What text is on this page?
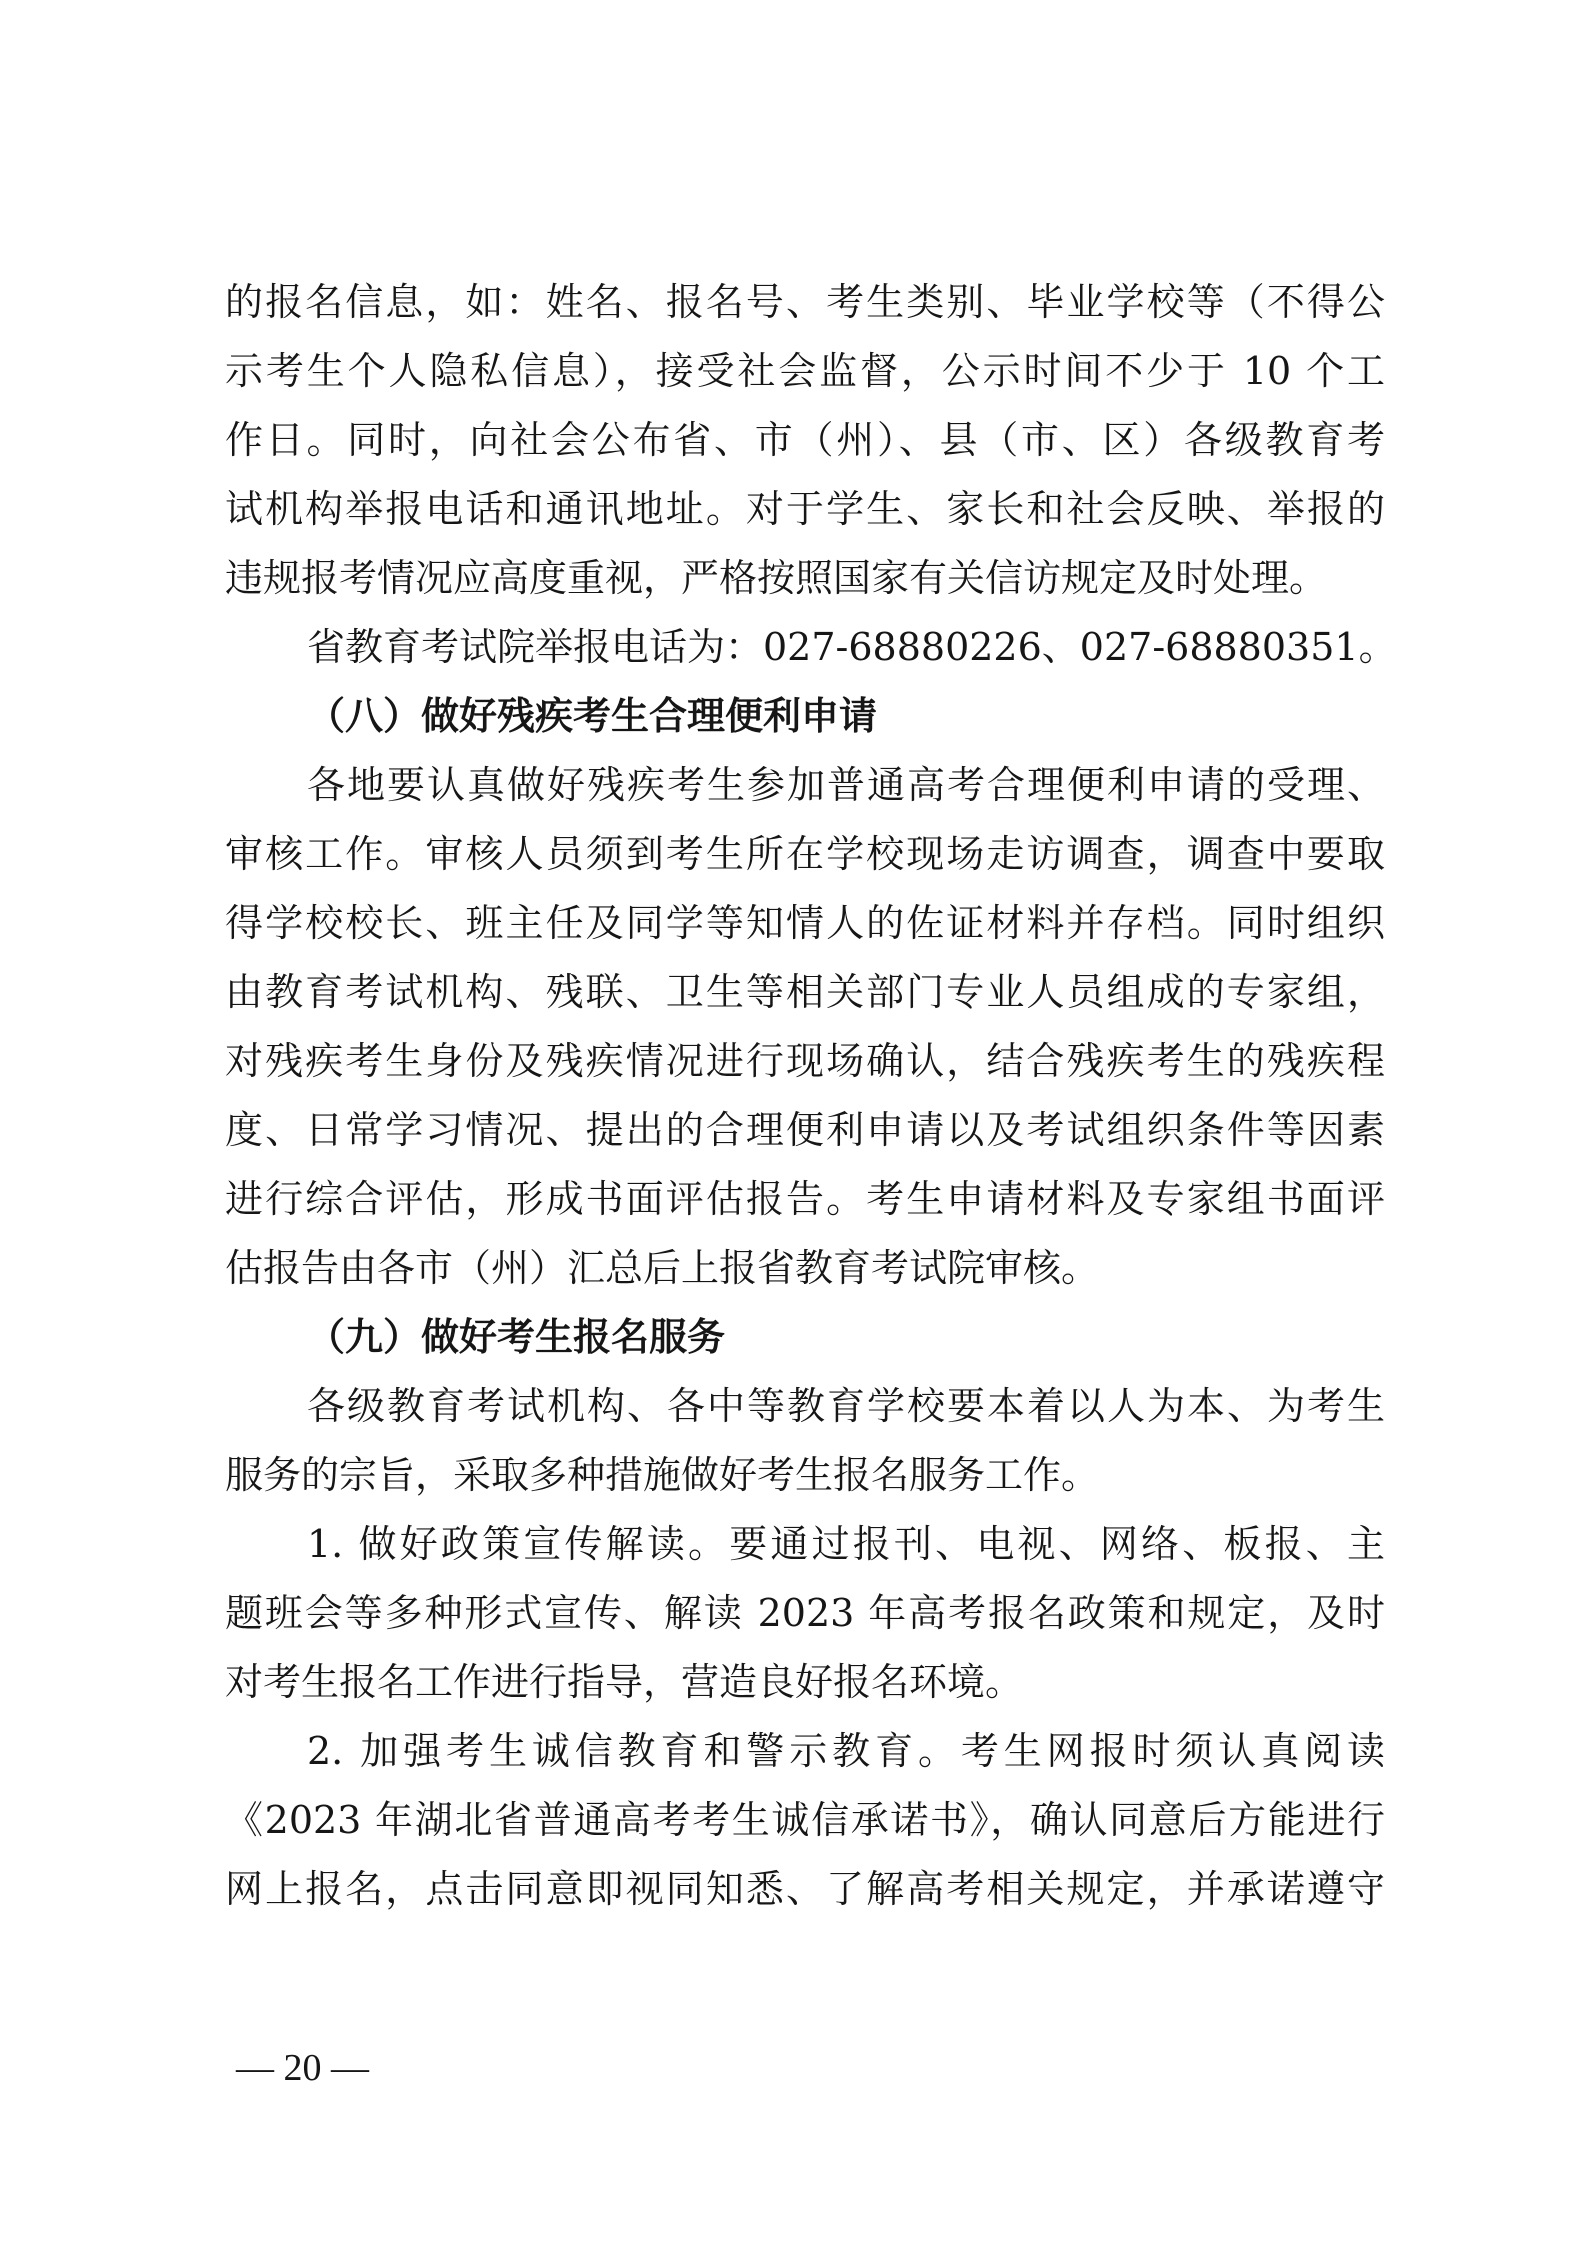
的报名信息，如：姓名、报名号、考生类别、毕业学校等（不得公
示考生个人隐私信息），接受社会监督，公示时间不少于 10 个工
作日。同时，向社会公布省、市（州）、县（市、区）各级教育考
试机构举报电话和通讯地址。对于学生、家长和社会反映、举报的
违规报考情况应高度重视，严格按照国家有关信访规定及时处理。
省教育考试院举报电话为：027-68880226、027-68880351。
（八）做好残疾考生合理便利申请
各地要认真做好残疾考生参加普通高考合理便利申请的受理、
审核工作。审核人员须到考生所在学校现场走访调查，调查中要取
得学校校长、班主任及同学等知情人的佐证材料并存档。同时组织
由教育考试机构、残联、卫生等相关部门专业人员组成的专家组，
对残疾考生身份及残疾情况进行现场确认，结合残疾考生的残疾程
度、日常学习情况、提出的合理便利申请以及考试组织条件等因素
进行综合评估，形成书面评估报告。考生申请材料及专家组书面评
估报告由各市（州）汇总后上报省教育考试院审核。
（九）做好考生报名服务
各级教育考试机构、各中等教育学校要本着以人为本、为考生
服务的宗旨，采取多种措施做好考生报名服务工作。
1. 做好政策宣传解读。要通过报刊、电视、网络、板报、主
题班会等多种形式宣传、解读 2023 年高考报名政策和规定，及时
对考生报名工作进行指导，营造良好报名环境。
2. 加强考生诚信教育和警示教育。考生网报时须认真阅读
《2023 年湖北省普通高考考生诚信承诺书》，确认同意后方能进行
网上报名，点击同意即视同知悉、了解高考相关规定，并承诺遵守
— 20 —
